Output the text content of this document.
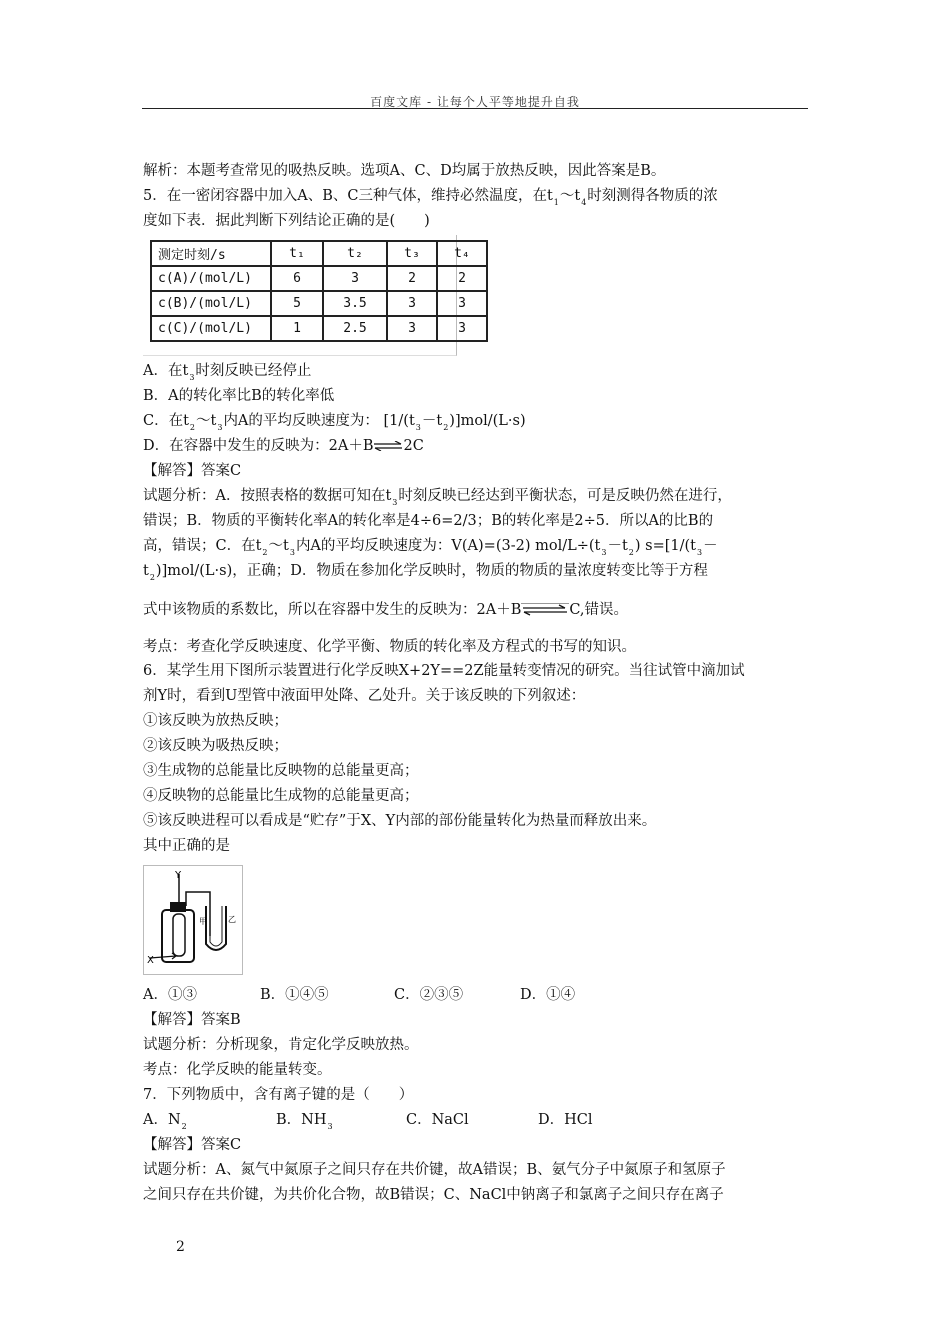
百度文库 - 让每个人平等地提升自我
解析：本题考查常见的吸热反映。选项A、C、D均属于放热反映，因此答案是B。
5．在一密闭容器中加入A、B、C三种气体，维持必然温度，在$t_1\sim t_4$时刻测得各物质的浓
度如下表．据此判断下列结论正确的是(　　)
测定时刻/s	t₁	t₂	t₃	t₄
c(A)/(mol/L)	6	3	2	2
c(B)/(mol/L)	5	3.5	3	3
c(C)/(mol/L)	1	2.5	3	3
A．在$t_3$时刻反映已经停止
B．A的转化率比B的转化率低
C．在$t_2\sim t_3$内A的平均反映速度为： $[1/(t_3-t_2)]mol/(L\cdot s)$
D．在容器中发生的反映为：2A＋B⇌2C
【解答】答案C
试题分析：A．按照表格的数据可知在$t_3$时刻反映已经达到平衡状态，可是反映仍然在进行，
错误；B．物质的平衡转化率A的转化率是4÷6=2/3；B的转化率是2÷5．所以A的比B的
高，错误；C．在$t_2\sim t_3$内A的平均反映速度为：V(A)=(3-2) mol/$L\div(t_3-t_2)$ $s=[1/(t_3-$
$t_2)]mol/(L\cdot s)$，正确；D．物质在参加化学反映时，物质的物质的量浓度转变比等于方程
式中该物质的系数比，所以在容器中发生的反映为：2A＋B	C,错误。
考点：考查化学反映速度、化学平衡、物质的转化率及方程式的书写的知识。
6．某学生用下图所示装置进行化学反映X+2Y==2Z能量转变情况的研究。当往试管中滴加试
剂Y时，看到U型管中液面甲处降、乙处升。关于该反映的下列叙述：
①该反映为放热反映；
②该反映为吸热反映；
③生成物的总能量比反映物的总能量更高；
④反映物的总能量比生成物的总能量更高；
⑤该反映进程可以看成是“贮存”于X、Y内部的部份能量转化为热量而释放出来。
其中正确的是
X
Y
甲	乙
A．①③	B．①④⑤	C．②③⑤	D．①④
【解答】答案B
试题分析：分析现象，肯定化学反映放热。
考点：化学反映的能量转变。
7．下列物质中，含有离子键的是（　　）
A．$N_2$	B．$NH_3$	C．NaCl	D．HCl
【解答】答案C
试题分析：A、氮气中氮原子之间只存在共价键，故A错误；B、氨气分子中氮原子和氢原子
之间只存在共价键，为共价化合物，故B错误；C、NaCl中钠离子和氯离子之间只存在离子
2
